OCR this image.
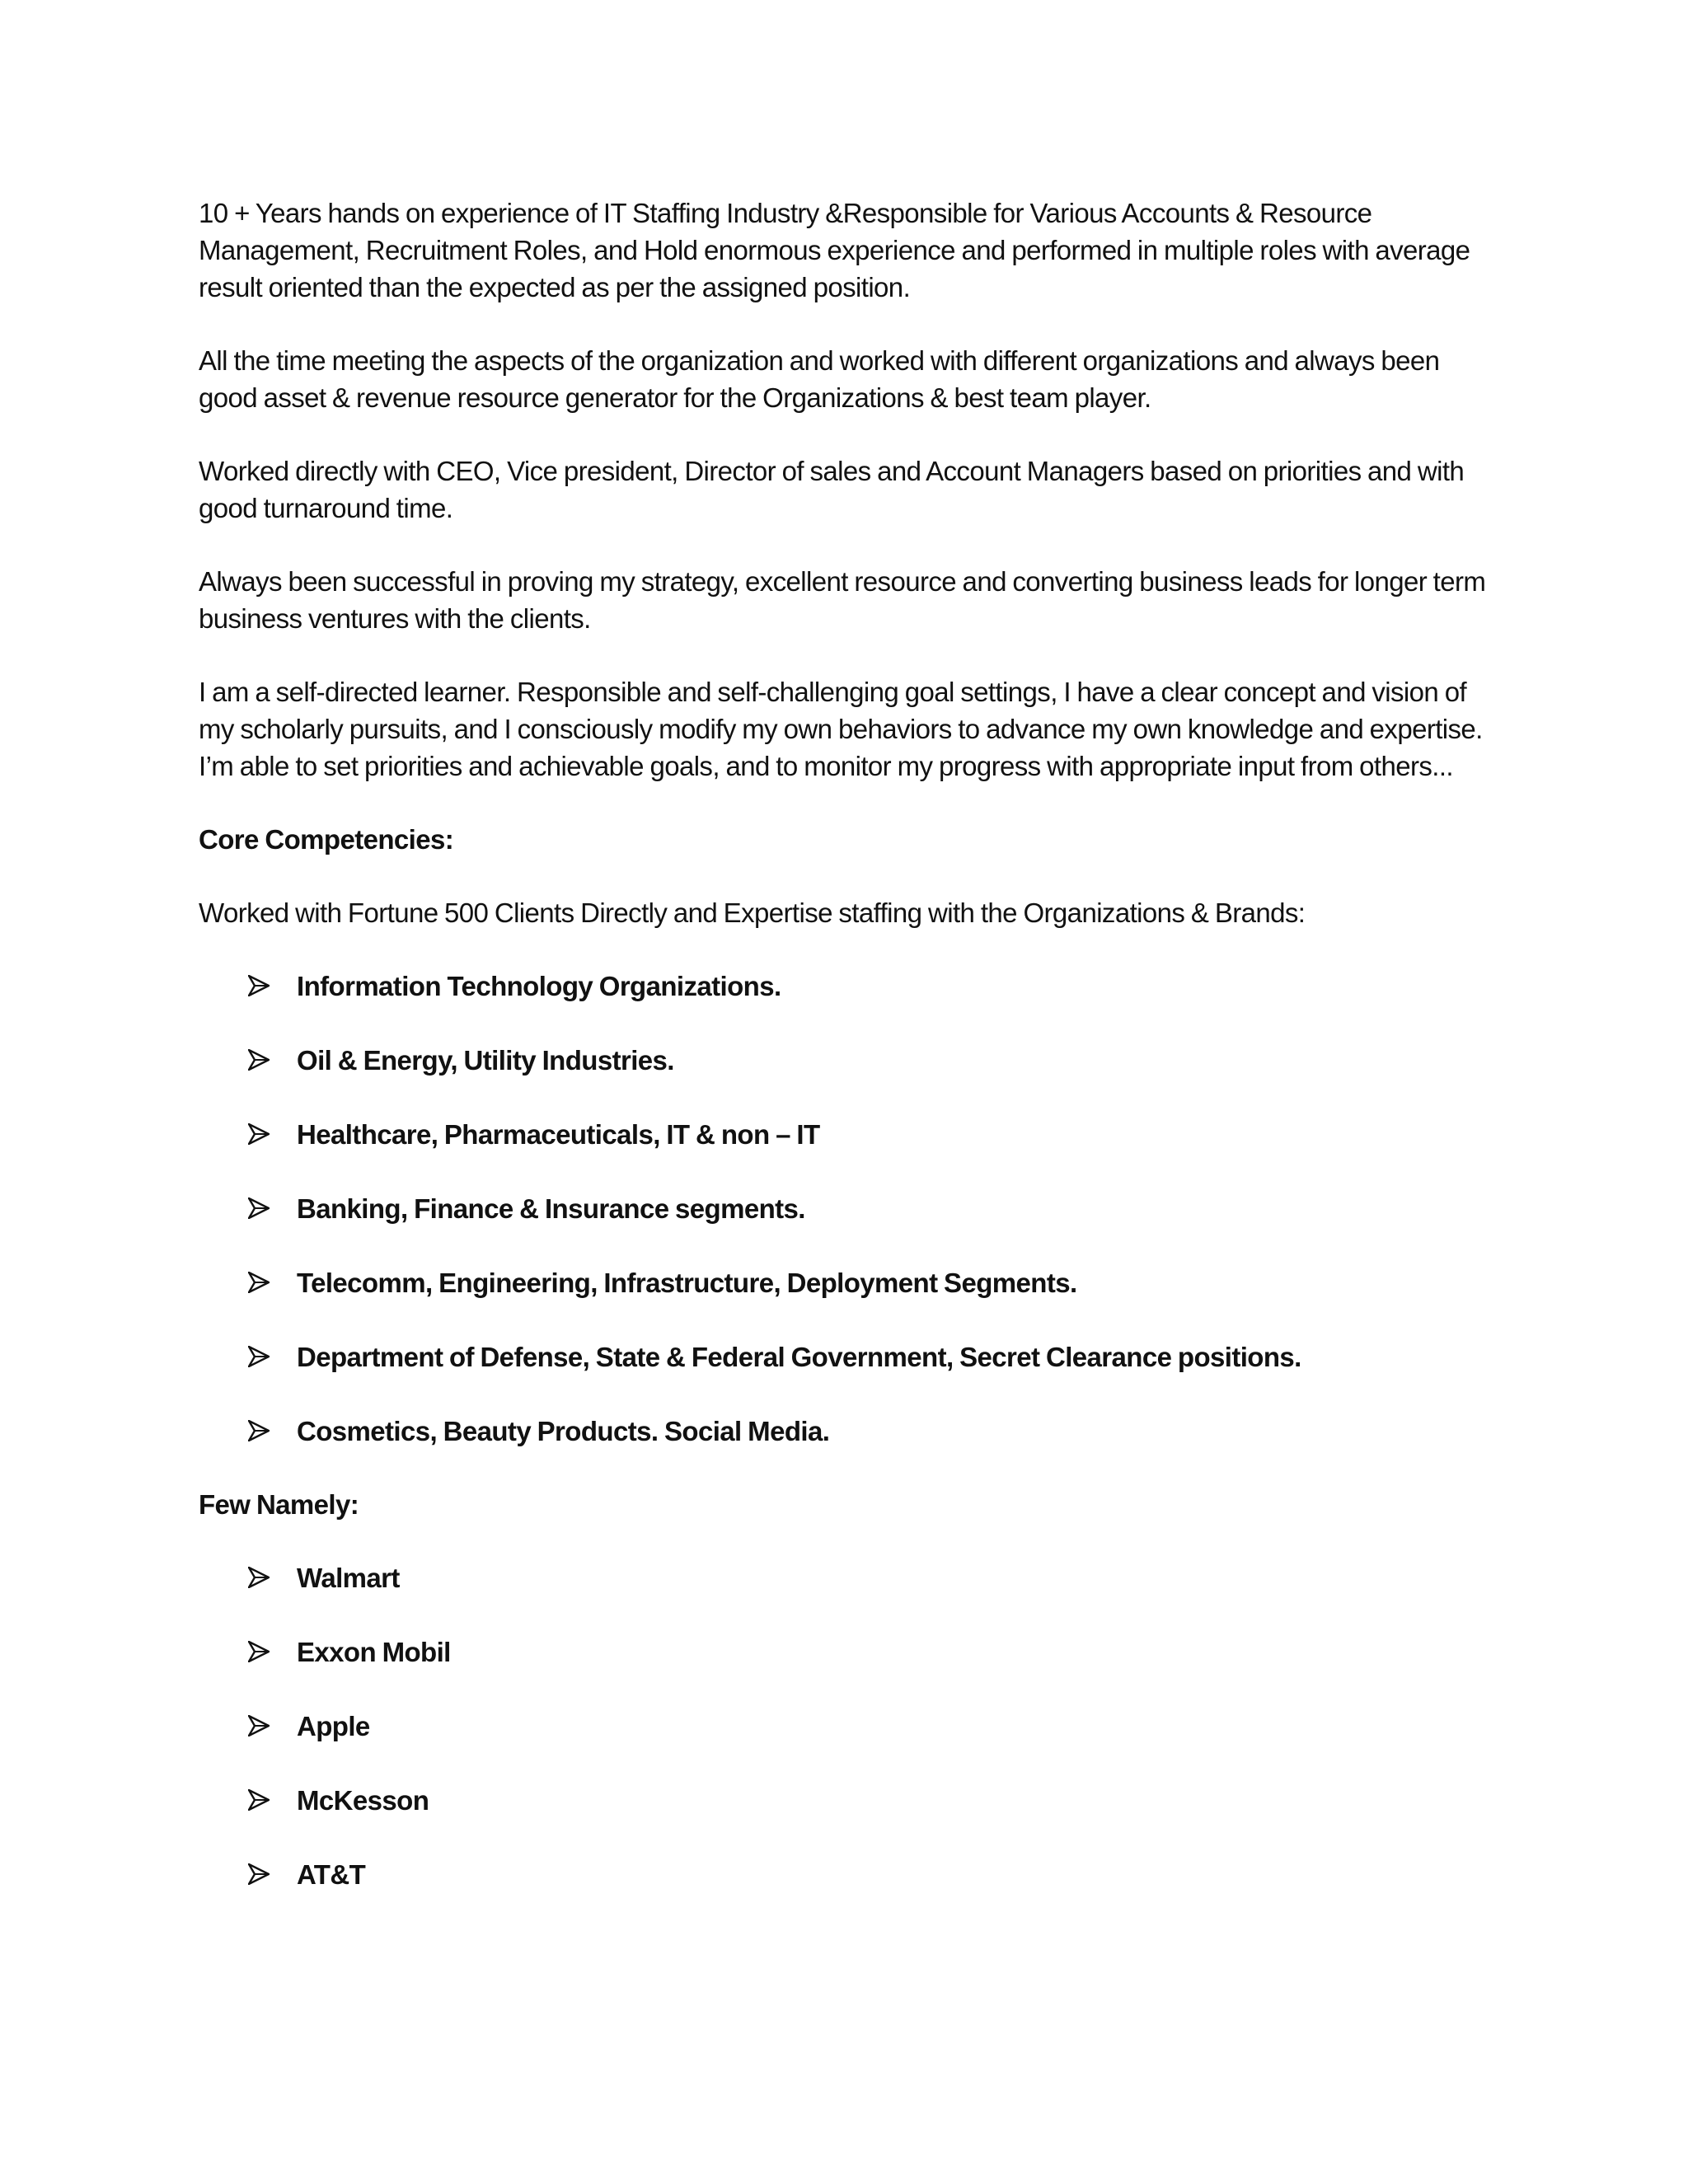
10 + Years hands on experience of IT Staffing Industry &Responsible for Various Accounts & Resource Management, Recruitment Roles, and Hold enormous experience and performed in multiple roles with average result oriented than the expected as per the assigned position.

All the time meeting the aspects of the organization and worked with different organizations and always been good asset & revenue resource generator for the Organizations & best team player.

Worked directly with CEO, Vice president, Director of sales and Account Managers based on priorities and with good turnaround time.

Always been successful in proving my strategy, excellent resource and converting business leads for longer term business ventures with the clients.

I am a self-directed learner. Responsible and self-challenging goal settings, I have a clear concept and vision of my scholarly pursuits, and I consciously modify my own behaviors to advance my own knowledge and expertise. I’m able to set priorities and achievable goals, and to monitor my progress with appropriate input from others...

Core Competencies:

Worked with Fortune 500 Clients Directly and Expertise staffing with the Organizations & Brands:

Information Technology Organizations.
Oil & Energy, Utility Industries.
Healthcare, Pharmaceuticals, IT & non – IT
Banking, Finance & Insurance segments.
Telecomm, Engineering, Infrastructure, Deployment Segments.
Department of Defense, State & Federal Government, Secret Clearance positions.
Cosmetics, Beauty Products. Social Media.

Few Namely:

Walmart
Exxon Mobil
Apple
McKesson
AT&T
